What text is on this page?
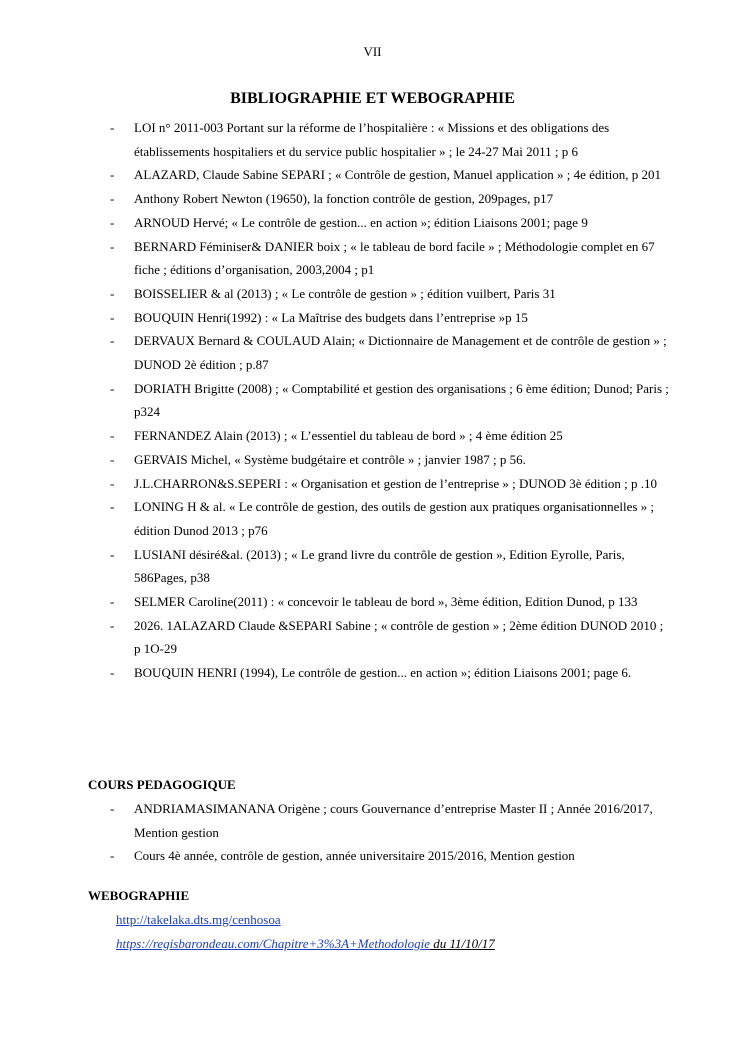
VII
BIBLIOGRAPHIE ET WEBOGRAPHIE
- LOI n° 2011-003 Portant sur la réforme de l’hospitalière : « Missions et des obligations des établissements hospitaliers et du service public hospitalier » ; le 24-27 Mai 2011 ; p 6
- ALAZARD, Claude Sabine SEPARI ; « Contrôle de gestion, Manuel application » ; 4e édition, p 201
- Anthony Robert Newton (19650), la fonction contrôle de gestion, 209pages, p17
- ARNOUD Hervé; « Le contrôle de gestion... en action »; édition Liaisons 2001; page 9
- BERNARD Féminiser& DANIER boix ; « le tableau de bord facile » ; Méthodologie complet en 67 fiche ; éditions d’organisation, 2003,2004 ; p1
- BOISSELIER & al (2013) ; « Le contrôle de gestion » ; édition vuilbert, Paris 31
- BOUQUIN Henri(1992) : « La Maîtrise des budgets dans l’entreprise »p 15
- DERVAUX Bernard & COULAUD Alain; « Dictionnaire de Management et de contrôle de gestion » ; DUNOD 2è édition ; p.87
- DORIATH Brigitte (2008) ; « Comptabilité et gestion des organisations ; 6 ème édition; Dunod; Paris ; p324
- FERNANDEZ Alain (2013) ; « L’essentiel du tableau de bord » ; 4 ème édition 25
- GERVAIS Michel, « Système budgétaire et contrôle » ; janvier 1987 ; p 56.
- J.L.CHARRON&S.SEPERI : « Organisation et gestion de l’entreprise » ; DUNOD 3è édition ; p .10
- LONING H & al. « Le contrôle de gestion, des outils de gestion aux pratiques organisationnelles » ; édition Dunod 2013 ; p76
- LUSIANI désiré&al. (2013) ; « Le grand livre du contrôle de gestion », Edition Eyrolle, Paris, 586Pages, p38
- SELMER Caroline(2011) : « concevoir le tableau de bord », 3ème édition, Edition Dunod, p 133
- 2026. 1ALAZARD Claude &SEPARI Sabine ; « contrôle de gestion » ; 2ème édition DUNOD 2010 ; p 1O-29
- BOUQUIN HENRI (1994), Le contrôle de gestion... en action »; édition Liaisons 2001; page 6.
COURS PEDAGOGIQUE
- ANDRIAMASIMANANA Origène ; cours Gouvernance d’entreprise Master II ; Année 2016/2017, Mention gestion
- Cours 4è année, contrôle de gestion, année universitaire 2015/2016, Mention gestion
WEBOGRAPHIE
http://takelaka.dts.mg/cenhosoa
https://regisbarondeau.com/Chapitre+3%3A+Methodologie du 11/10/17
